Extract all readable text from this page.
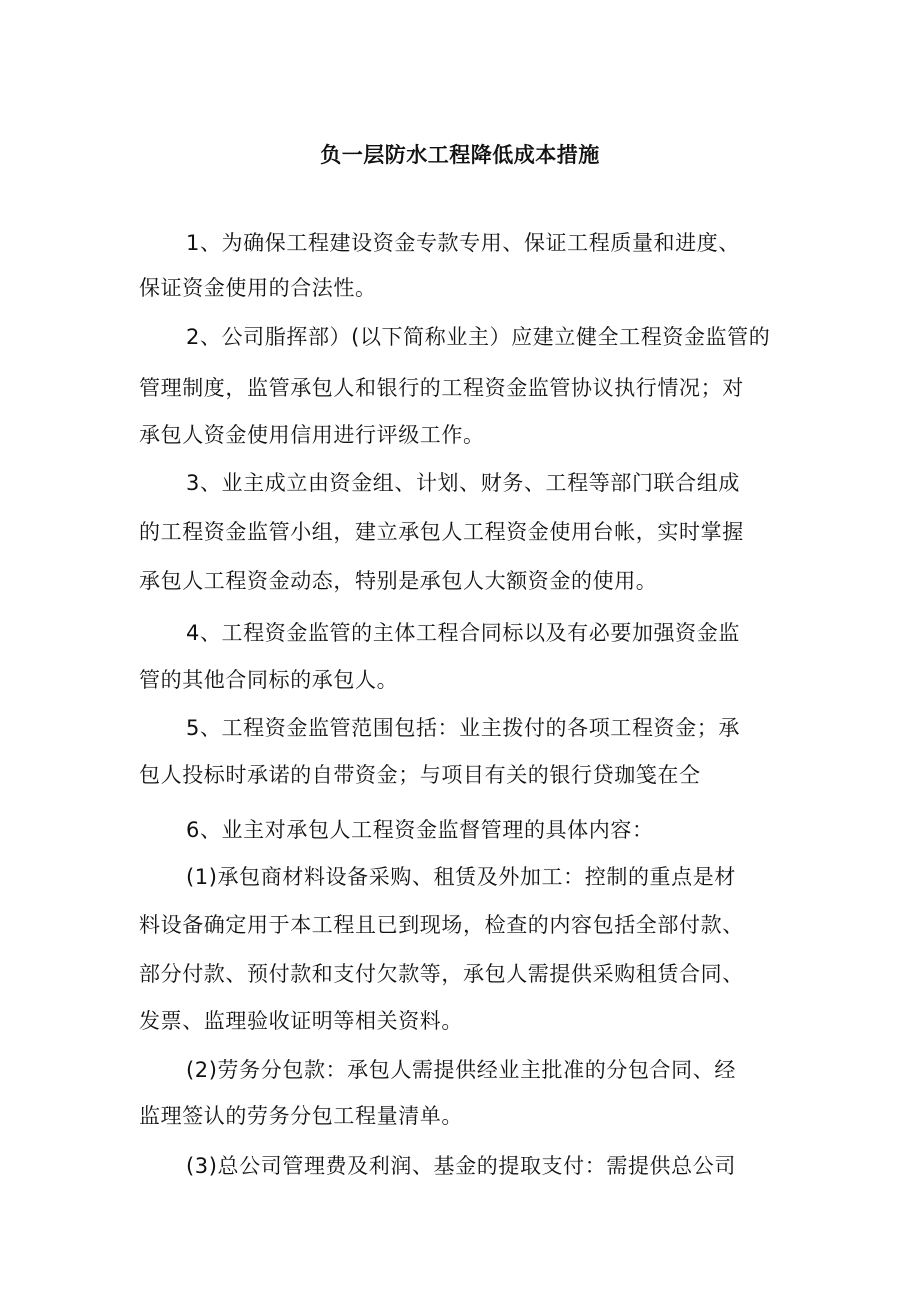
负一层防水工程降低成本措施
1、为确保工程建设资金专款专用、保证工程质量和进度、
保证资金使用的合法性。
2、公司脂挥部）(以下简称业主）应建立健全工程资金监管的
管理制度，监管承包人和银行的工程资金监管协议执行情况；对
承包人资金使用信用进行评级工作。
3、业主成立由资金组、计划、财务、工程等部门联合组成
的工程资金监管小组，建立承包人工程资金使用台帐，实时掌握
承包人工程资金动态，特别是承包人大额资金的使用。
4、工程资金监管的主体工程合同标以及有必要加强资金监
管的其他合同标的承包人。
5、工程资金监管范围包括：业主拨付的各项工程资金；承
包人投标时承诺的自带资金；与项目有关的银行贷珈笺在仝
6、业主对承包人工程资金监督管理的具体内容：
(1)承包商材料设备采购、租赁及外加工：控制的重点是材
料设备确定用于本工程且已到现场，检查的内容包括全部付款、
部分付款、预付款和支付欠款等，承包人需提供采购租赁合同、
发票、监理验收证明等相关资料。
(2)劳务分包款：承包人需提供经业主批准的分包合同、经
监理签认的劳务分包工程量清单。
(3)总公司管理费及利润、基金的提取支付：需提供总公司
